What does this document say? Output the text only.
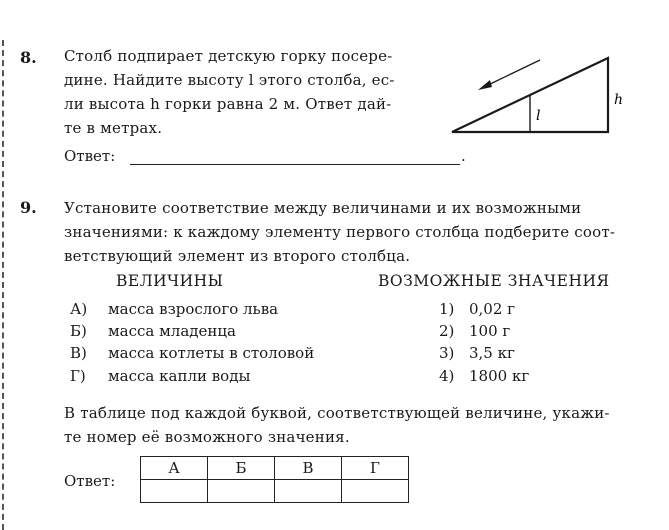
8. Столб подпирает детскую горку посере-
дине. Найдите высоту l этого столба, ес-
ли высота h горки равна 2 м. Ответ дай-
те в метрах.
l
h
Ответ:	.
9. Установите соответствие между величинами и их возможными
значениями: к каждому элементу первого столбца подберите соот-
ветствующий элемент из второго столбца.
ВЕЛИЧИНЫ	ВОЗМОЖНЫЕ ЗНАЧЕНИЯ
А) масса взрослого льва
Б) масса младенца
В) масса котлеты в столовой
Г) масса капли воды
1) 0,02 г
2) 100 г
3) 3,5 кг
4) 1800 кг
В таблице под каждой буквой, соответствующей величине, укажи-
те номер её возможного значения.
Ответ:
А	Б	В	Г
